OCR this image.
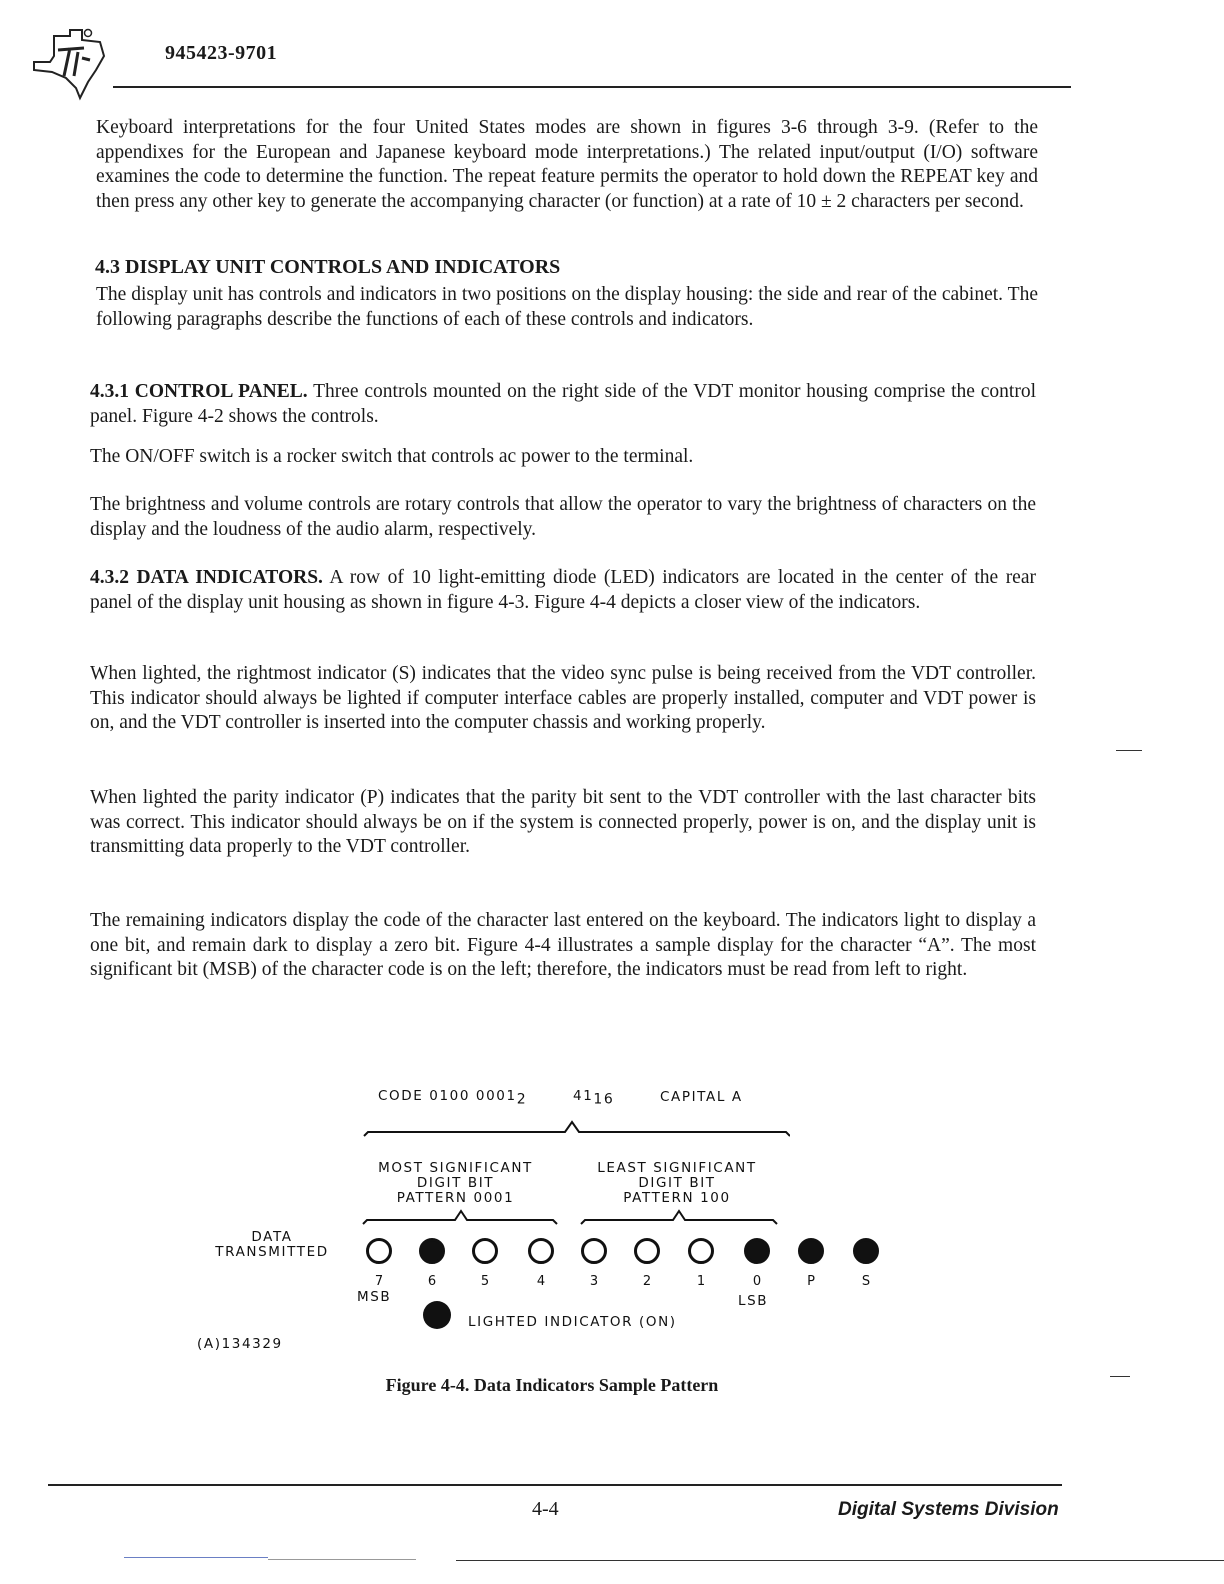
945423-9701

Keyboard interpretations for the four United States modes are shown in figures 3-6 through 3-9. (Refer to the appendixes for the European and Japanese keyboard mode interpretations.) The related input/output (I/O) software examines the code to determine the function. The repeat feature permits the operator to hold down the REPEAT key and then press any other key to generate the accompanying character (or function) at a rate of 10 ± 2 characters per second.

4.3 DISPLAY UNIT CONTROLS AND INDICATORS

The display unit has controls and indicators in two positions on the display housing: the side and rear of the cabinet. The following paragraphs describe the functions of each of these controls and indicators.

4.3.1 CONTROL PANEL. Three controls mounted on the right side of the VDT monitor housing comprise the control panel. Figure 4-2 shows the controls.

The ON/OFF switch is a rocker switch that controls ac power to the terminal.

The brightness and volume controls are rotary controls that allow the operator to vary the brightness of characters on the display and the loudness of the audio alarm, respectively.

4.3.2 DATA INDICATORS. A row of 10 light-emitting diode (LED) indicators are located in the center of the rear panel of the display unit housing as shown in figure 4-3. Figure 4-4 depicts a closer view of the indicators.

When lighted, the rightmost indicator (S) indicates that the video sync pulse is being received from the VDT controller. This indicator should always be lighted if computer interface cables are properly installed, computer and VDT power is on, and the VDT controller is inserted into the computer chassis and working properly.

When lighted the parity indicator (P) indicates that the parity bit sent to the VDT controller with the last character bits was correct. This indicator should always be on if the system is connected properly, power is on, and the display unit is transmitting data properly to the VDT controller.

The remaining indicators display the code of the character last entered on the keyboard. The indicators light to display a one bit, and remain dark to display a zero bit. Figure 4-4 illustrates a sample display for the character “A”. The most significant bit (MSB) of the character code is on the left; therefore, the indicators must be read from left to right.

CODE 0100 $0001_2$	$41_{16}$	CAPITAL A
MOST SIGNIFICANT
DIGIT BIT
PATTERN 0001
LEAST SIGNIFICANT
DIGIT BIT
PATTERN 100
DATA
TRANSMITTED
7	6	5	4	3	2	1	0	P	S
MSB	LSB
LIGHTED INDICATOR (ON)
(A)134329
Figure 4-4. Data Indicators Sample Pattern
4-4	Digital Systems Division
